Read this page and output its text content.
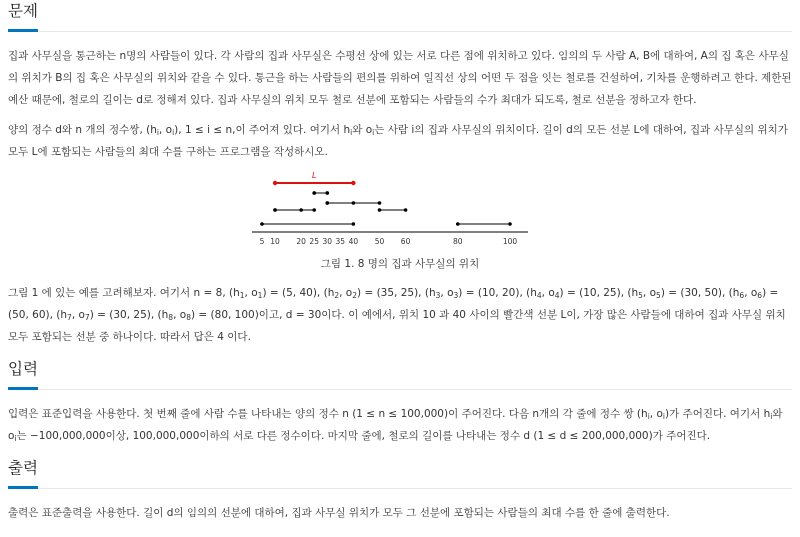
문제

집과 사무실을 통근하는 n명의 사람들이 있다. 각 사람의 집과 사무실은 수평선 상에 있는 서로 다른 점에 위치하고 있다. 임의의 두 사람 A, B에 대하여, A의 집 혹은 사무실의 위치가 B의 집 혹은 사무실의 위치와 같을 수 있다. 통근을 하는 사람들의 편의를 위하여 일직선 상의 어떤 두 점을 잇는 철로를 건설하여, 기차를 운행하려고 한다. 제한된 예산 때문에, 철로의 길이는 d로 정해져 있다. 집과 사무실의 위치 모두 철로 선분에 포함되는 사람들의 수가 최대가 되도록, 철로 선분을 정하고자 한다.

양의 정수 d와 n 개의 정수쌍, ($h_i$, $o_i$), 1 ≤ i ≤ n,이 주어져 있다. 여기서 $h_i$와 $o_i$는 사람 i의 집과 사무실의 위치이다. 길이 d의 모든 선분 L에 대하여, 집과 사무실의 위치가 모두 L에 포함되는 사람들의 최대 수를 구하는 프로그램을 작성하시오.

L
5 10 20 25 30 35 40 50 60	80	100
그림 1. 8 명의 집과 사무실의 위치

그림 1 에 있는 예를 고려해보자. 여기서 n = 8, ($h_1$, $o_1) = (5$, 40), ($h_2$, $o_2) = (35$, 25), ($h_3$, $o_3) = (10$, 20), ($h_4$, $o_4) = (10$, 25), ($h_5$, $o_5) = (30$, 50), ($h_6$, $o_6) = (50$, 60), ($h_7$, $o_7) = (30$, 25), ($h_8$, $o_8) = (80$, 100)이고, d = 30이다. 이 예에서, 위치 10 과 40 사이의 빨간색 선분 L이, 가장 많은 사람들에 대하여 집과 사무실 위치 모두 포함되는 선분 중 하나이다. 따라서 답은 4 이다.

입력

입력은 표준입력을 사용한다. 첫 번째 줄에 사람 수를 나타내는 양의 정수 n (1 ≤ n ≤ 100,000)이 주어진다. 다음 n개의 각 줄에 정수 쌍 ($h_i$, $o_i$)가 주어진다. 여기서 $h_i$와 $o_i$는 −100,000,000이상, 100,000,000이하의 서로 다른 정수이다. 마지막 줄에, 철로의 길이를 나타내는 정수 d (1 ≤ d ≤ 200,000,000)가 주어진다.

출력

출력은 표준출력을 사용한다. 길이 d의 임의의 선분에 대하여, 집과 사무실 위치가 모두 그 선분에 포함되는 사람들의 최대 수를 한 줄에 출력한다.
